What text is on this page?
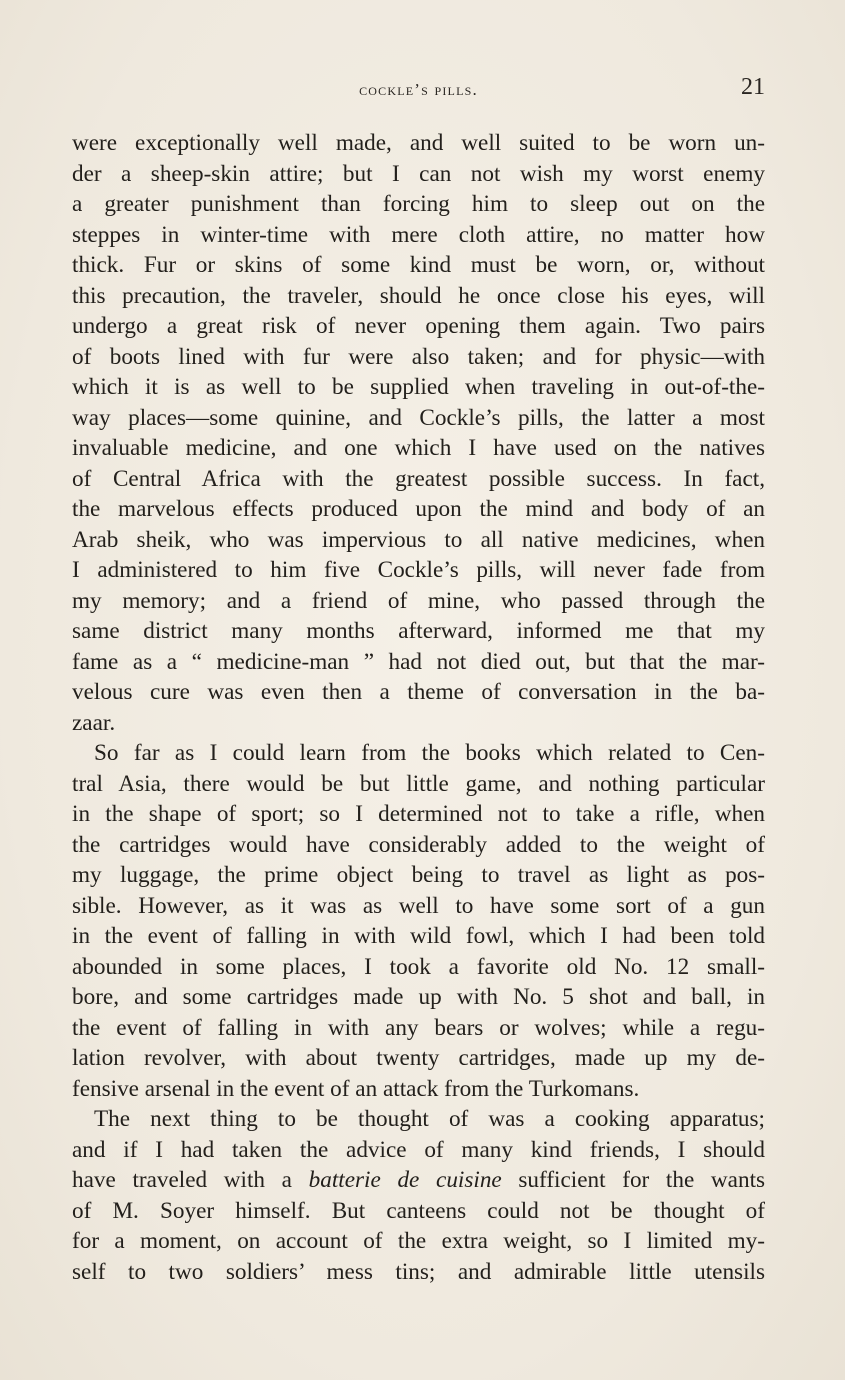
cockle’s pills.	21
were exceptionally well made, and well suited to be worn un-
der a sheep-skin attire; but I can not wish my worst enemy
a greater punishment than forcing him to sleep out on the
steppes in winter-time with mere cloth attire, no matter how
thick. Fur or skins of some kind must be worn, or, without
this precaution, the traveler, should he once close his eyes, will
undergo a great risk of never opening them again. Two pairs
of boots lined with fur were also taken; and for physic—with
which it is as well to be supplied when traveling in out-of-the-
way places—some quinine, and Cockle’s pills, the latter a most
invaluable medicine, and one which I have used on the natives
of Central Africa with the greatest possible success. In fact,
the marvelous effects produced upon the mind and body of an
Arab sheik, who was impervious to all native medicines, when
I administered to him five Cockle’s pills, will never fade from
my memory; and a friend of mine, who passed through the
same district many months afterward, informed me that my
fame as a “ medicine-man ” had not died out, but that the mar-
velous cure was even then a theme of conversation in the ba-
zaar.
So far as I could learn from the books which related to Cen-
tral Asia, there would be but little game, and nothing particular
in the shape of sport; so I determined not to take a rifle, when
the cartridges would have considerably added to the weight of
my luggage, the prime object being to travel as light as pos-
sible. However, as it was as well to have some sort of a gun
in the event of falling in with wild fowl, which I had been told
abounded in some places, I took a favorite old No. 12 small-
bore, and some cartridges made up with No. 5 shot and ball, in
the event of falling in with any bears or wolves; while a regu-
lation revolver, with about twenty cartridges, made up my de-
fensive arsenal in the event of an attack from the Turkomans.
The next thing to be thought of was a cooking apparatus;
and if I had taken the advice of many kind friends, I should
have traveled with a batterie de cuisine sufficient for the wants
of M. Soyer himself. But canteens could not be thought of
for a moment, on account of the extra weight, so I limited my-
self to two soldiers’ mess tins; and admirable little utensils
